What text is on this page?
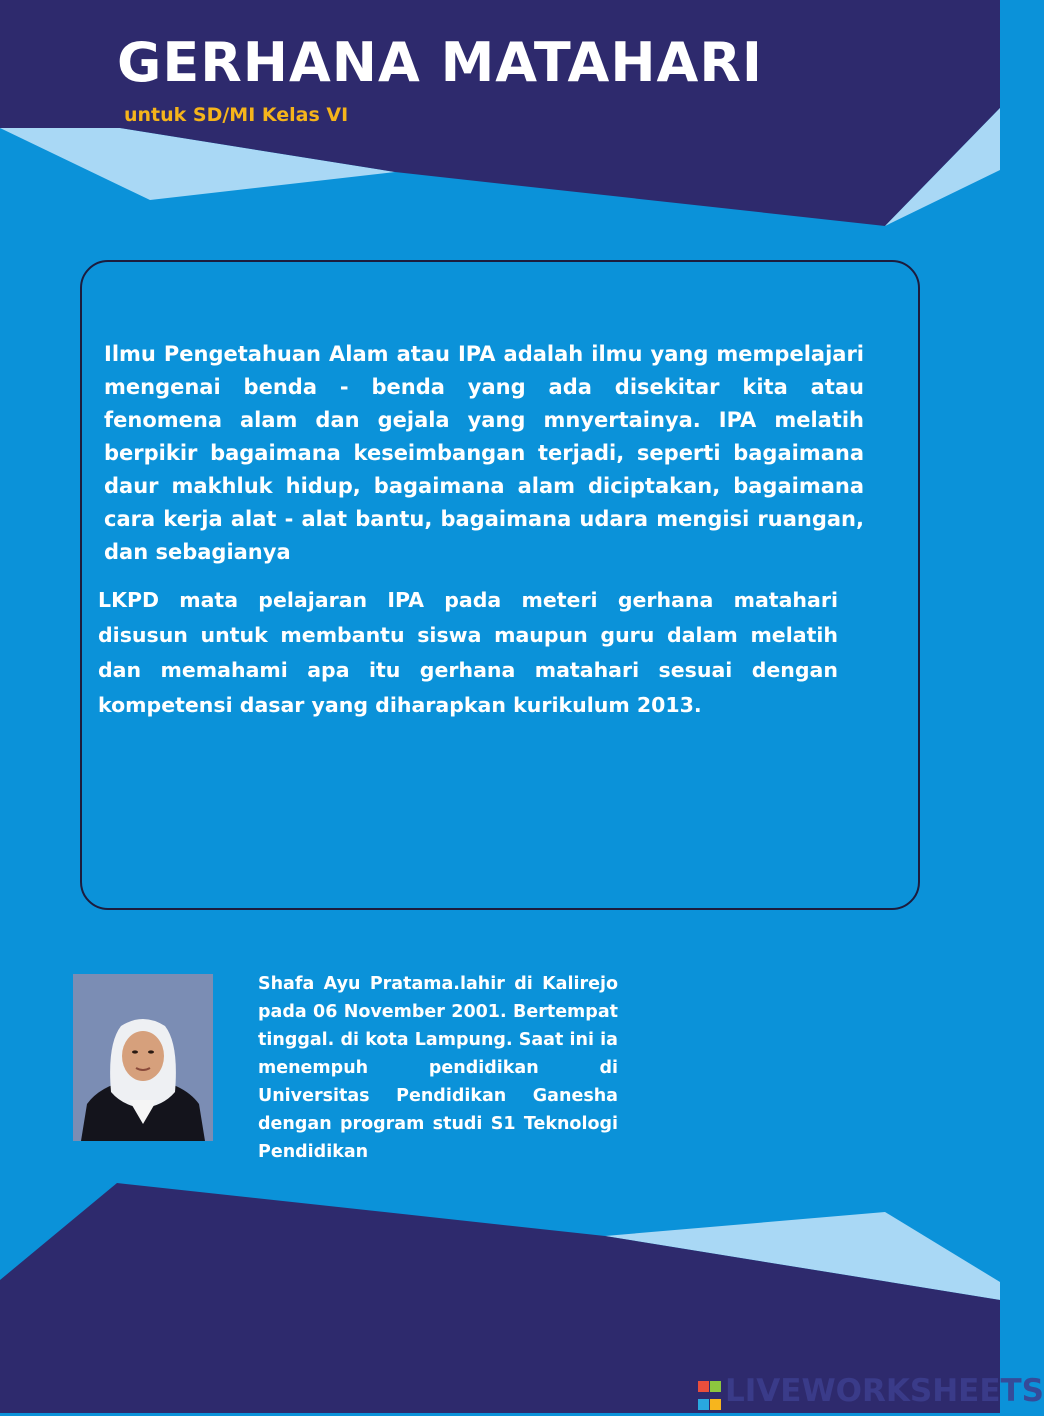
GERHANA MATAHARI
untuk SD/MI Kelas VI

Ilmu Pengetahuan Alam atau IPA adalah ilmu yang mempelajari mengenai benda - benda yang ada disekitar kita atau fenomena alam dan gejala yang mnyertainya. IPA melatih berpikir bagaimana keseimbangan terjadi, seperti bagaimana daur makhluk hidup, bagaimana alam diciptakan, bagaimana cara kerja alat - alat bantu, bagaimana udara mengisi ruangan, dan sebagianya

LKPD mata pelajaran IPA pada meteri gerhana matahari disusun untuk membantu siswa maupun guru dalam melatih dan memahami apa itu gerhana matahari sesuai dengan kompetensi dasar yang diharapkan kurikulum 2013.

Shafa Ayu Pratama.lahir di Kalirejo pada 06 November 2001. Bertempat tinggal. di kota Lampung. Saat ini ia menempuh pendidikan di Universitas Pendidikan Ganesha dengan program studi S1 Teknologi Pendidikan

LIVEWORKSHEETS
